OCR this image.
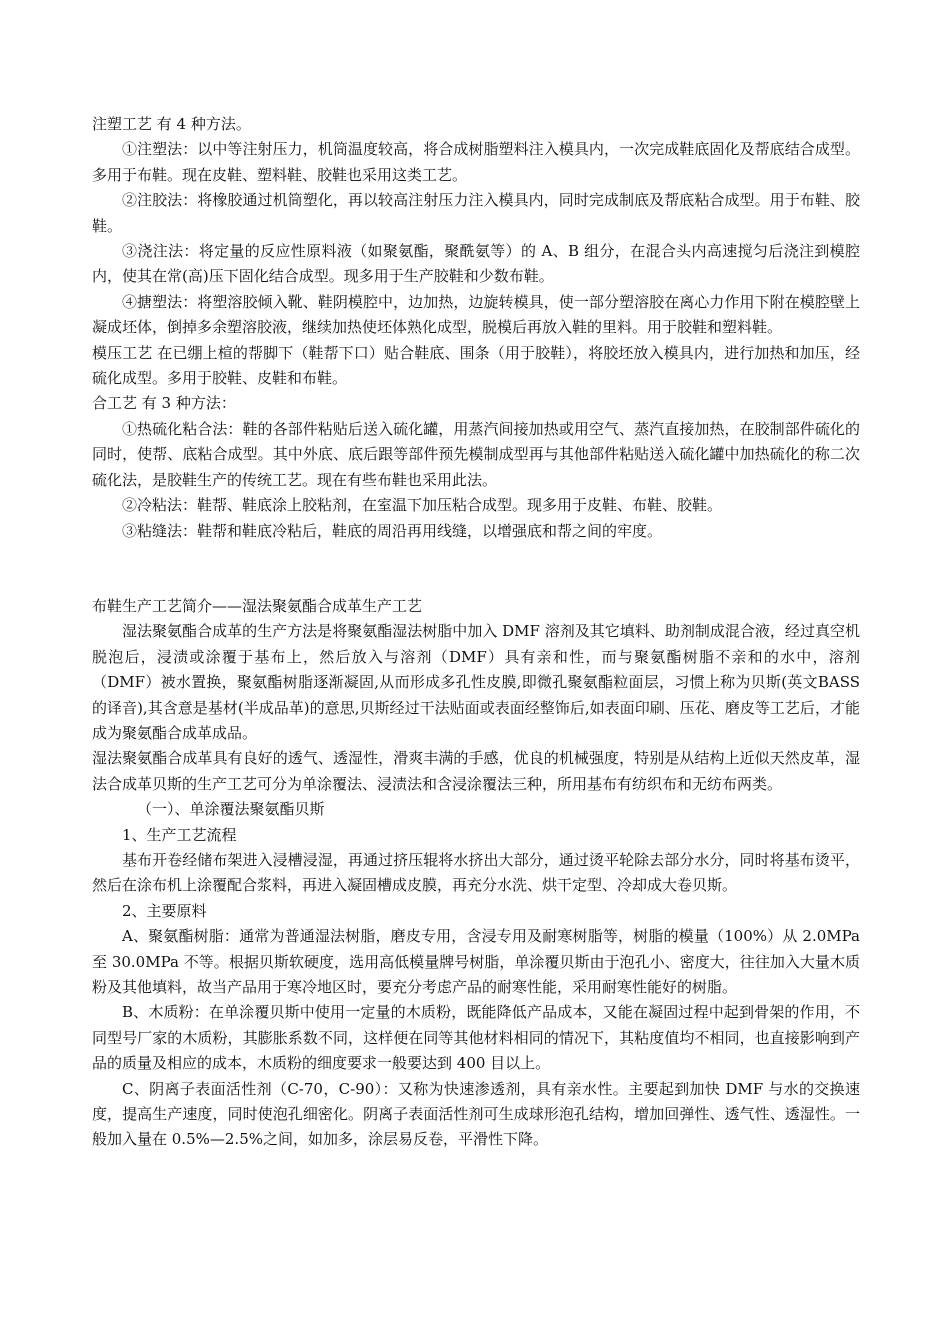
注塑工艺 有 4 种方法。

①注塑法：以中等注射压力，机筒温度较高，将合成树脂塑料注入模具内，一次完成鞋底固化及帮底结合成型。多用于布鞋。现在皮鞋、塑料鞋、胶鞋也采用这类工艺。

②注胶法：将橡胶通过机筒塑化，再以较高注射压力注入模具内，同时完成制底及帮底粘合成型。用于布鞋、胶鞋。

③浇注法：将定量的反应性原料液（如聚氨酯，聚酰氨等）的 A、B 组分，在混合头内高速搅匀后浇注到模腔内，使其在常(高)压下固化结合成型。现多用于生产胶鞋和少数布鞋。

④搪塑法：将塑溶胶倾入靴、鞋阴模腔中，边加热，边旋转模具，使一部分塑溶胶在离心力作用下附在模腔壁上凝成坯体，倒掉多余塑溶胶液，继续加热使坯体熟化成型，脱模后再放入鞋的里料。用于胶鞋和塑料鞋。

模压工艺 在已绷上楦的帮脚下（鞋帮下口）贴合鞋底、围条（用于胶鞋），将胶坯放入模具内，进行加热和加压，经硫化成型。多用于胶鞋、皮鞋和布鞋。

合工艺 有 3 种方法：

①热硫化粘合法：鞋的各部件粘贴后送入硫化罐，用蒸汽间接加热或用空气、蒸汽直接加热，在胶制部件硫化的同时，使帮、底粘合成型。其中外底、底后跟等部件预先模制成型再与其他部件粘贴送入硫化罐中加热硫化的称二次硫化法，是胶鞋生产的传统工艺。现在有些布鞋也采用此法。

②冷粘法：鞋帮、鞋底涂上胶粘剂，在室温下加压粘合成型。现多用于皮鞋、布鞋、胶鞋。

③粘缝法：鞋帮和鞋底冷粘后，鞋底的周沿再用线缝，以增强底和帮之间的牢度。

布鞋生产工艺简介——湿法聚氨酯合成革生产工艺

湿法聚氨酯合成革的生产方法是将聚氨酯湿法树脂中加入 DMF 溶剂及其它填料、助剂制成混合液，经过真空机脱泡后，浸渍或涂覆于基布上，然后放入与溶剂（DMF）具有亲和性，而与聚氨酯树脂不亲和的水中，溶剂（DMF）被水置换，聚氨酯树脂逐渐凝固,从而形成多孔性皮膜,即微孔聚氨酯粒面层，习惯上称为贝斯(英文BASS的译音),其含意是基材(半成品革)的意思,贝斯经过干法贴面或表面经整饰后,如表面印刷、压花、磨皮等工艺后，才能成为聚氨酯合成革成品。

湿法聚氨酯合成革具有良好的透气、透湿性，滑爽丰满的手感，优良的机械强度，特别是从结构上近似天然皮革，湿法合成革贝斯的生产工艺可分为单涂覆法、浸渍法和含浸涂覆法三种，所用基布有纺织布和无纺布两类。

（一）、单涂覆法聚氨酯贝斯

1、生产工艺流程

基布开卷经储布架进入浸槽浸湿，再通过挤压辊将水挤出大部分，通过烫平轮除去部分水分，同时将基布烫平，然后在涂布机上涂覆配合浆料，再进入凝固槽成皮膜，再充分水洗、烘干定型、冷却成大卷贝斯。

2、主要原料

A、聚氨酯树脂：通常为普通湿法树脂，磨皮专用，含浸专用及耐寒树脂等，树脂的模量（100%）从 2.0MPa 至 30.0MPa 不等。根据贝斯软硬度，选用高低模量牌号树脂，单涂覆贝斯由于泡孔小、密度大，往往加入大量木质粉及其他填料，故当产品用于寒冷地区时，要充分考虑产品的耐寒性能，采用耐寒性能好的树脂。

B、木质粉：在单涂覆贝斯中使用一定量的木质粉，既能降低产品成本，又能在凝固过程中起到骨架的作用，不同型号厂家的木质粉，其膨胀系数不同，这样便在同等其他材料相同的情况下，其粘度值均不相同，也直接影响到产品的质量及相应的成本，木质粉的细度要求一般要达到 400 目以上。

C、阴离子表面活性剂（C-70，C-90）：又称为快速渗透剂，具有亲水性。主要起到加快 DMF 与水的交换速度，提高生产速度，同时使泡孔细密化。阴离子表面活性剂可生成球形泡孔结构，增加回弹性、透气性、透湿性。一般加入量在 0.5%—2.5%之间，如加多，涂层易反卷，平滑性下降。
